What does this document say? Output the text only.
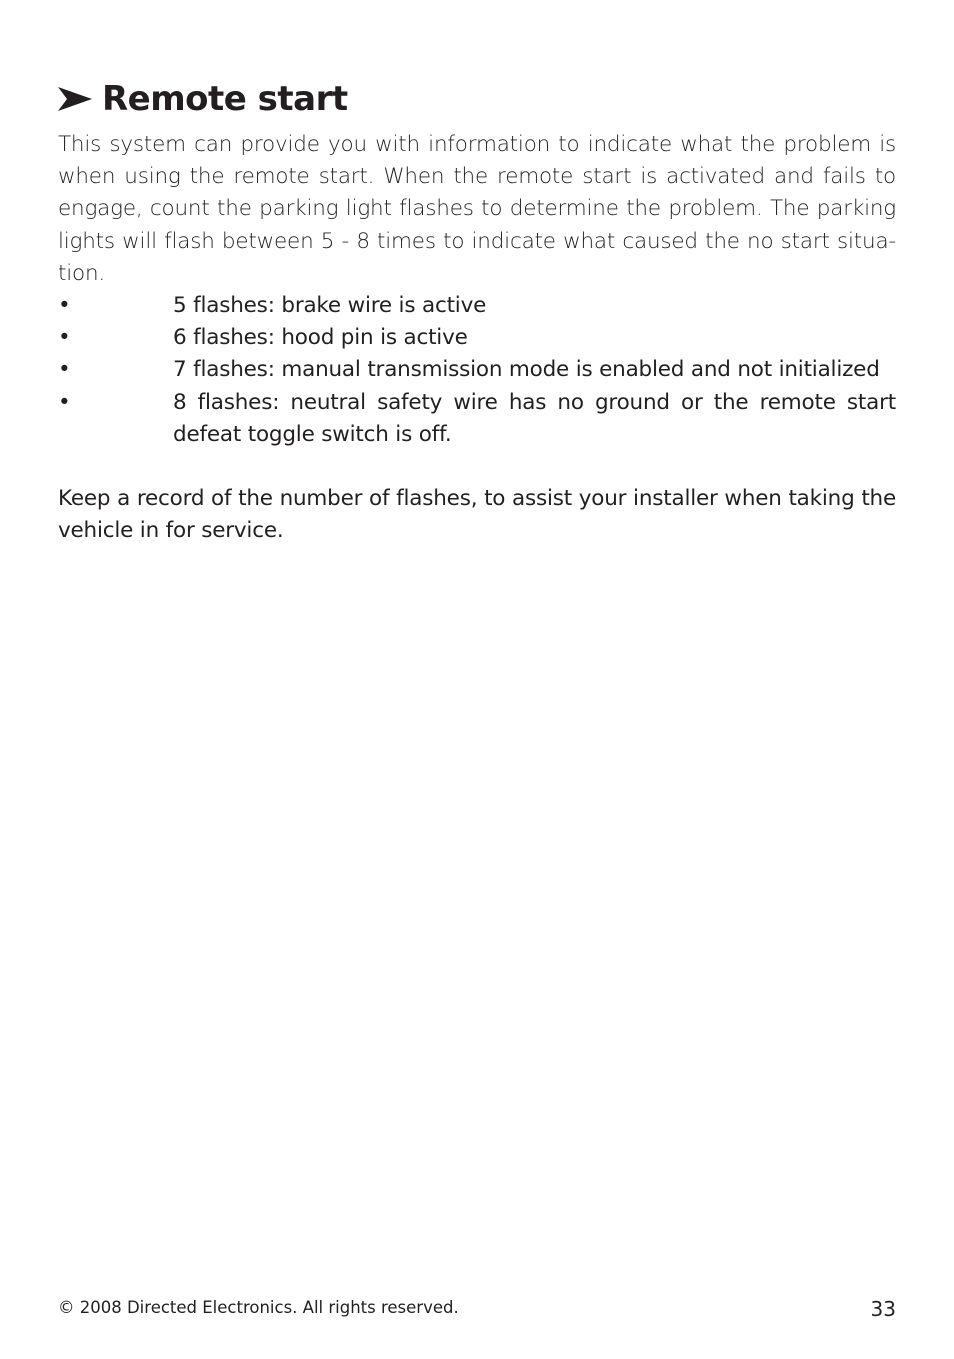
Remote start

This system can provide you with information to indicate what the problem is when using the remote start. When the remote start is activated and fails to engage, count the parking light flashes to determine the problem. The parking lights will flash between 5 - 8 times to indicate what caused the no start situa-tion.

•	5 flashes: brake wire is active
•	6 flashes: hood pin is active
•	7 flashes: manual transmission mode is enabled and not initialized
•	8 flashes: neutral safety wire has no ground or the remote start defeat toggle switch is off.

Keep a record of the number of flashes, to assist your installer when taking the vehicle in for service.

© 2008 Directed Electronics. All rights reserved.	33
